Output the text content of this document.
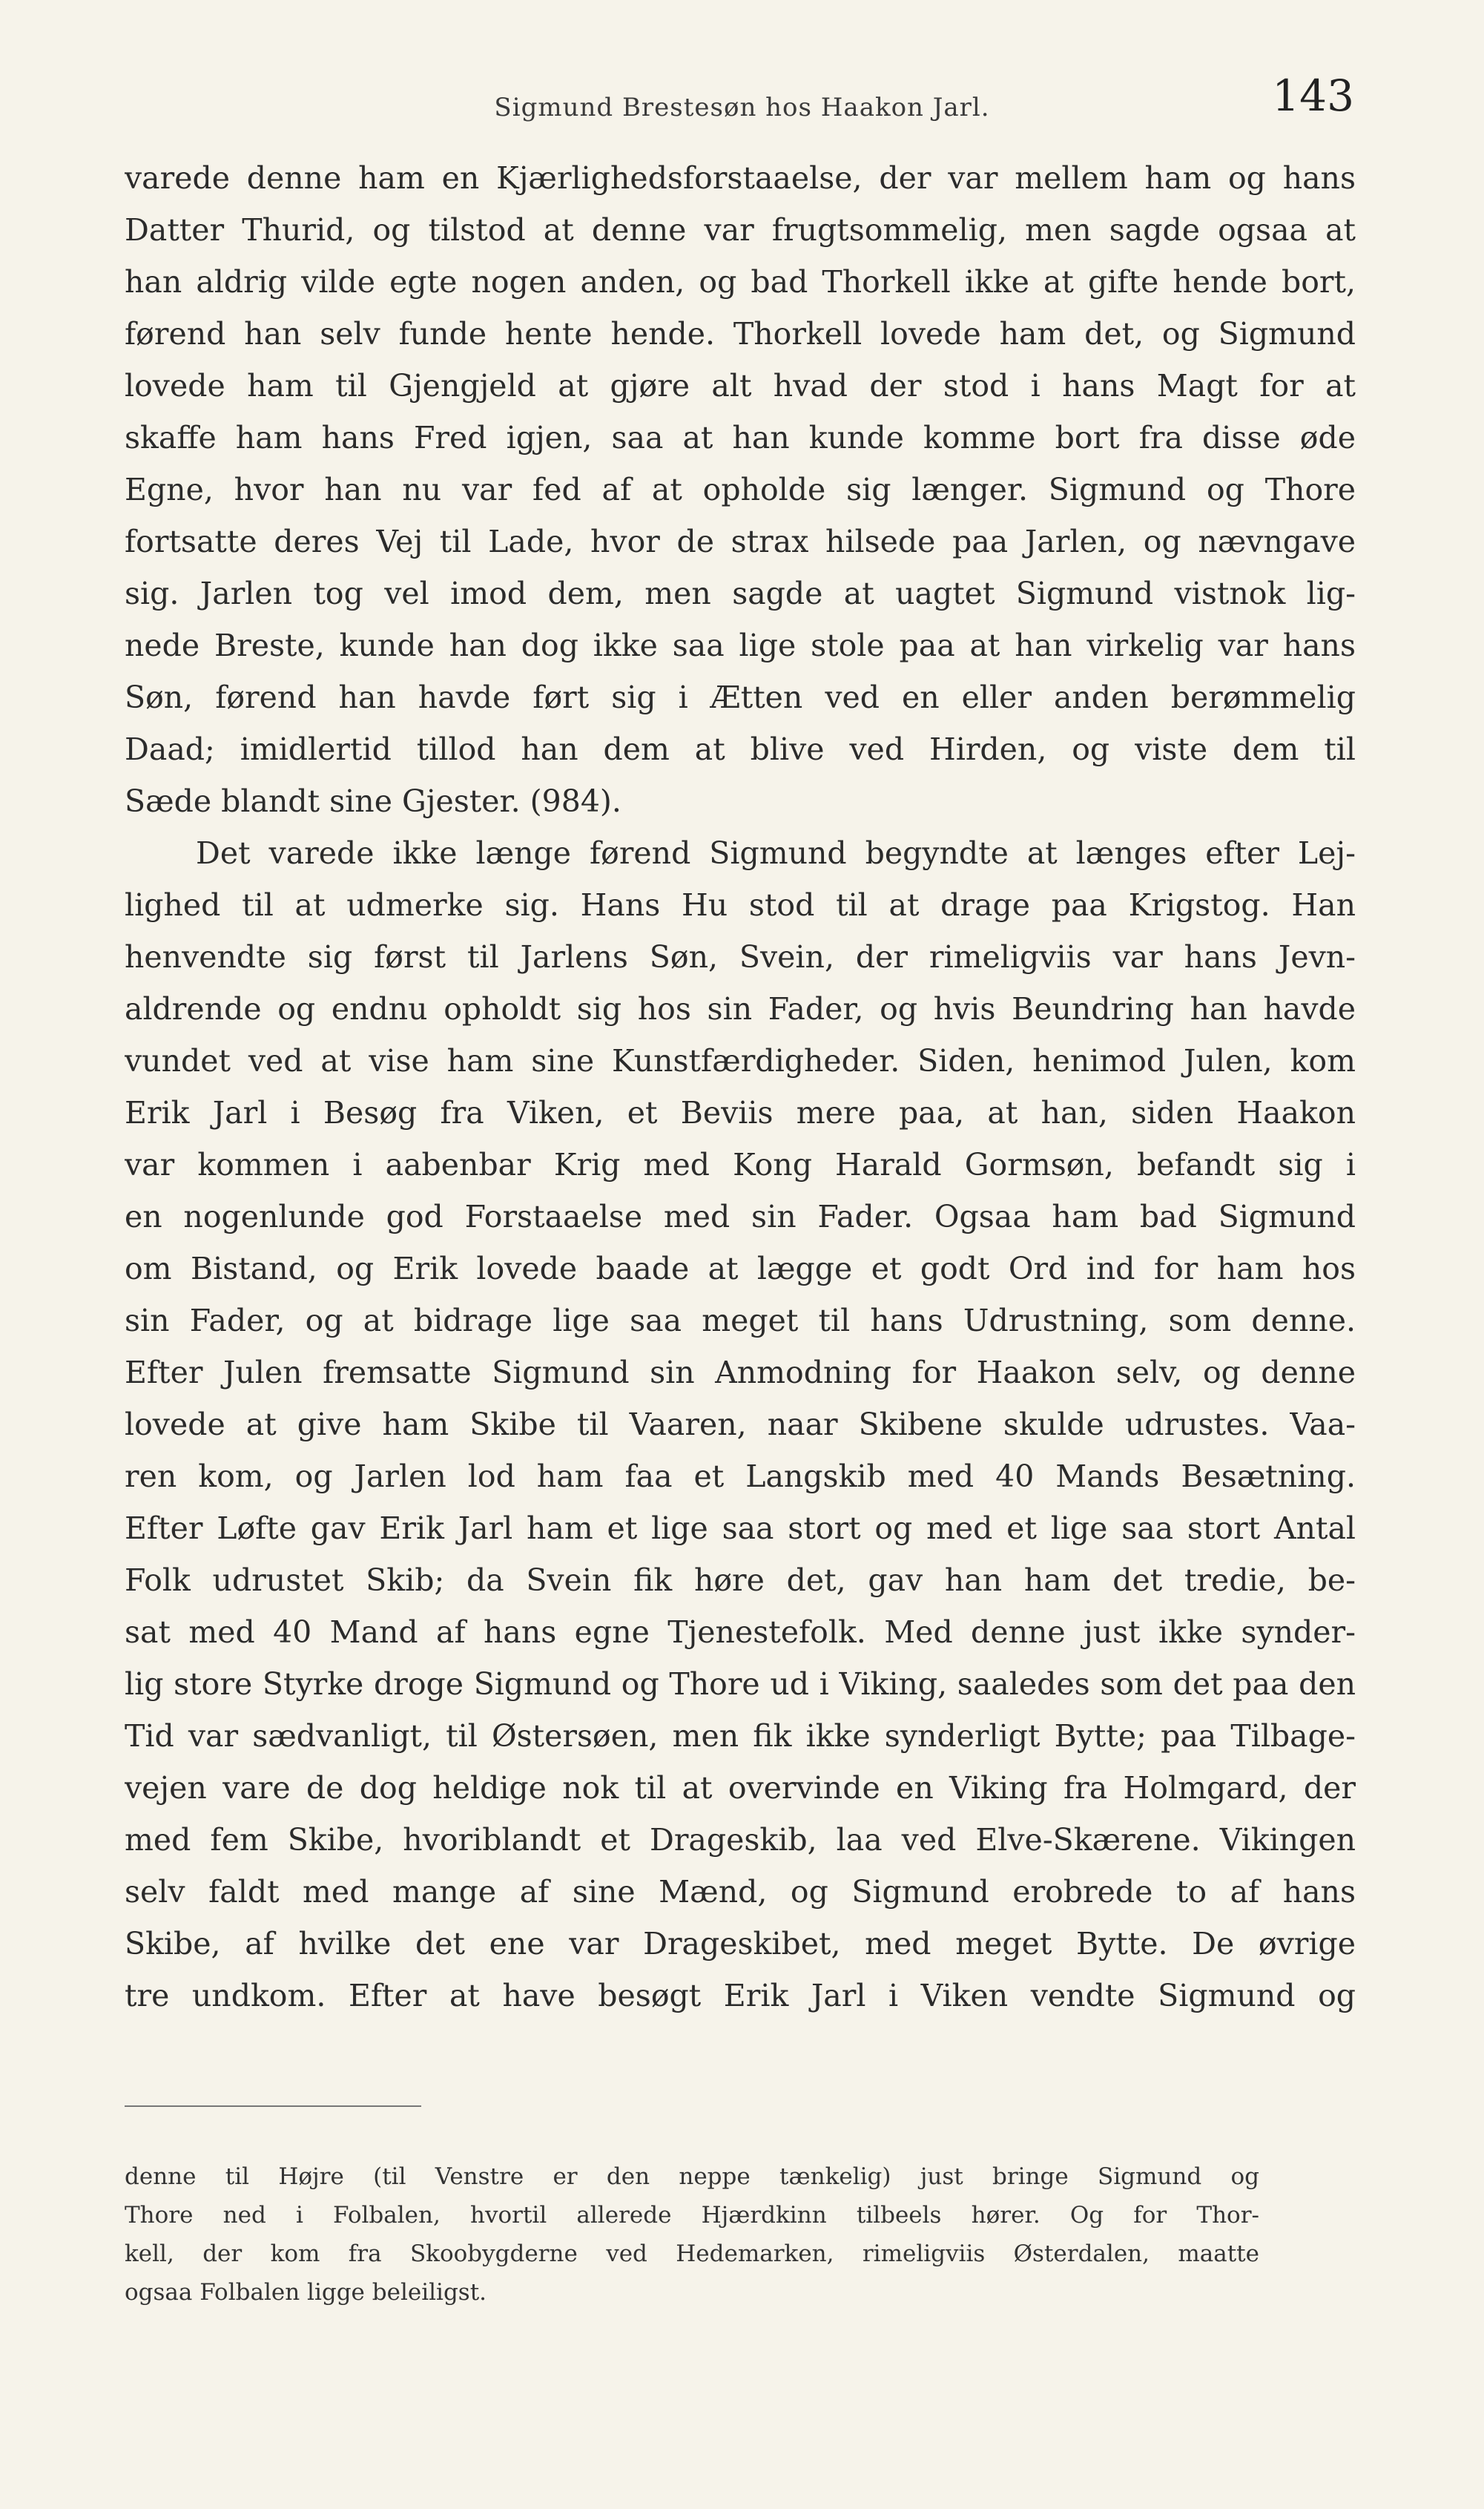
Sigmund Brestesøn hos Haakon Jarl.	143
varede denne ham en Kjærlighedsforstaaelse, der var mellem ham og hans
Datter Thurid, og tilstod at denne var frugtsommelig, men sagde ogsaa at
han aldrig vilde egte nogen anden, og bad Thorkell ikke at gifte hende bort,
førend han selv funde hente hende. Thorkell lovede ham det, og Sigmund
lovede ham til Gjengjeld at gjøre alt hvad der stod i hans Magt for at
skaffe ham hans Fred igjen, saa at han kunde komme bort fra disse øde
Egne, hvor han nu var fed af at opholde sig længer. Sigmund og Thore
fortsatte deres Vej til Lade, hvor de strax hilsede paa Jarlen, og nævngave
sig. Jarlen tog vel imod dem, men sagde at uagtet Sigmund vistnok lig-
nede Breste, kunde han dog ikke saa lige stole paa at han virkelig var hans
Søn, førend han havde ført sig i Ætten ved en eller anden berømmelig
Daad; imidlertid tillod han dem at blive ved Hirden, og viste dem til
Sæde blandt sine Gjester. (984).
Det varede ikke længe førend Sigmund begyndte at længes efter Lej-
lighed til at udmerke sig. Hans Hu stod til at drage paa Krigstog. Han
henvendte sig først til Jarlens Søn, Svein, der rimeligviis var hans Jevn-
aldrende og endnu opholdt sig hos sin Fader, og hvis Beundring han havde
vundet ved at vise ham sine Kunstfærdigheder. Siden, henimod Julen, kom
Erik Jarl i Besøg fra Viken, et Beviis mere paa, at han, siden Haakon
var kommen i aabenbar Krig med Kong Harald Gormsøn, befandt sig i
en nogenlunde god Forstaaelse med sin Fader. Ogsaa ham bad Sigmund
om Bistand, og Erik lovede baade at lægge et godt Ord ind for ham hos
sin Fader, og at bidrage lige saa meget til hans Udrustning, som denne.
Efter Julen fremsatte Sigmund sin Anmodning for Haakon selv, og denne
lovede at give ham Skibe til Vaaren, naar Skibene skulde udrustes. Vaa-
ren kom, og Jarlen lod ham faa et Langskib med 40 Mands Besætning.
Efter Løfte gav Erik Jarl ham et lige saa stort og med et lige saa stort Antal
Folk udrustet Skib; da Svein fik høre det, gav han ham det tredie, be-
sat med 40 Mand af hans egne Tjenestefolk. Med denne just ikke synder-
lig store Styrke droge Sigmund og Thore ud i Viking, saaledes som det paa den
Tid var sædvanligt, til Østersøen, men fik ikke synderligt Bytte; paa Tilbage-
vejen vare de dog heldige nok til at overvinde en Viking fra Holmgard, der
med fem Skibe, hvoriblandt et Drageskib, laa ved Elve-Skærene. Vikingen
selv faldt med mange af sine Mænd, og Sigmund erobrede to af hans
Skibe, af hvilke det ene var Drageskibet, med meget Bytte. De øvrige
tre undkom. Efter at have besøgt Erik Jarl i Viken vendte Sigmund og
denne til Højre (til Venstre er den neppe tænkelig) just bringe Sigmund og
Thore ned i Folbalen, hvortil allerede Hjærdkinn tilbeels hører. Og for Thor-
kell, der kom fra Skoobygderne ved Hedemarken, rimeligviis Østerdalen, maatte
ogsaa Folbalen ligge beleiligst.
